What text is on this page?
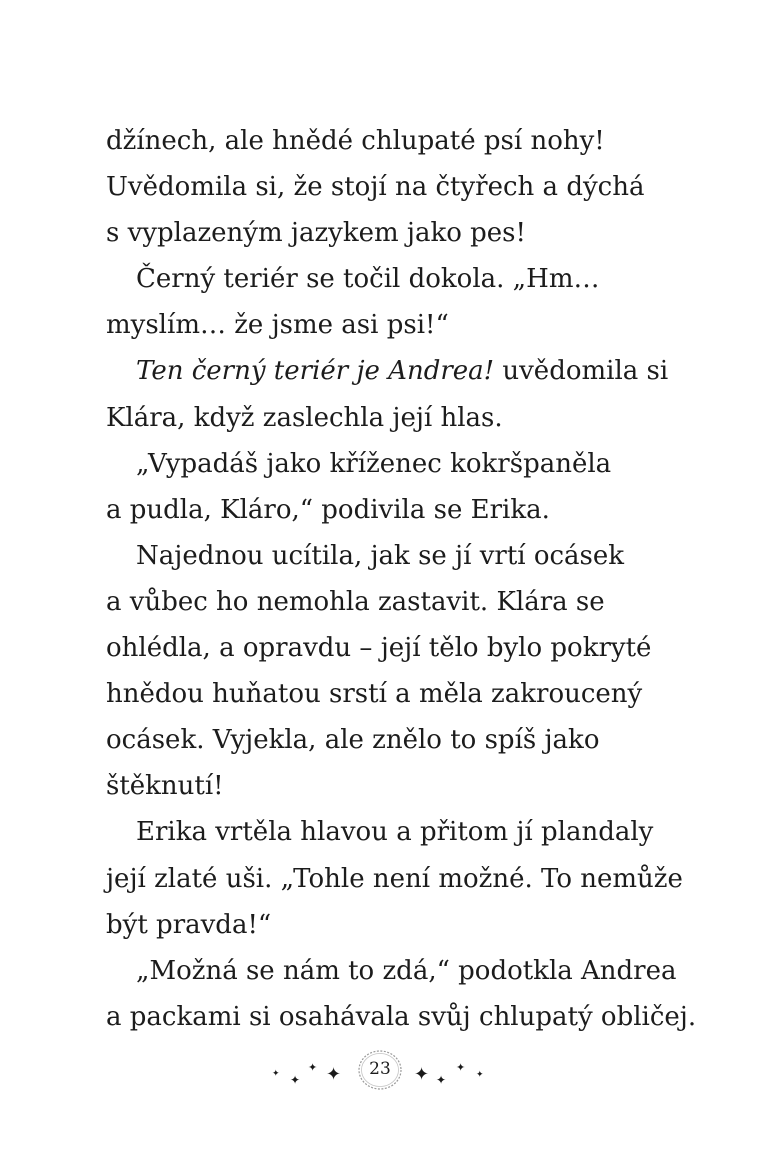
džínech, ale hnědé chlupaté psí nohy!
Uvědomila si, že stojí na čtyřech a dýchá
s vyplazeným jazykem jako pes!
Černý teriér se točil dokola. „Hm…
myslím… že jsme asi psi!“
Ten černý teriér je Andrea! uvědomila si
Klára, když zaslechla její hlas.
„Vypadáš jako kříženec kokršpaněla
a pudla, Kláro,“ podivila se Erika.
Najednou ucítila, jak se jí vrtí ocásek
a vůbec ho nemohla zastavit. Klára se
ohlédla, a opravdu – její tělo bylo pokryté
hnědou huňatou srstí a měla zakroucený
ocásek. Vyjekla, ale znělo to spíš jako
štěknutí!
Erika vrtěla hlavou a přitom jí plandaly
její zlaté uši. „Tohle není možné. To nemůže
být pravda!“
„Možná se nám to zdá,“ podotkla Andrea
a packami si osahávala svůj chlupatý obličej.
✦ ✦
✦ ✦	23	✦ ✦
✦
✦
